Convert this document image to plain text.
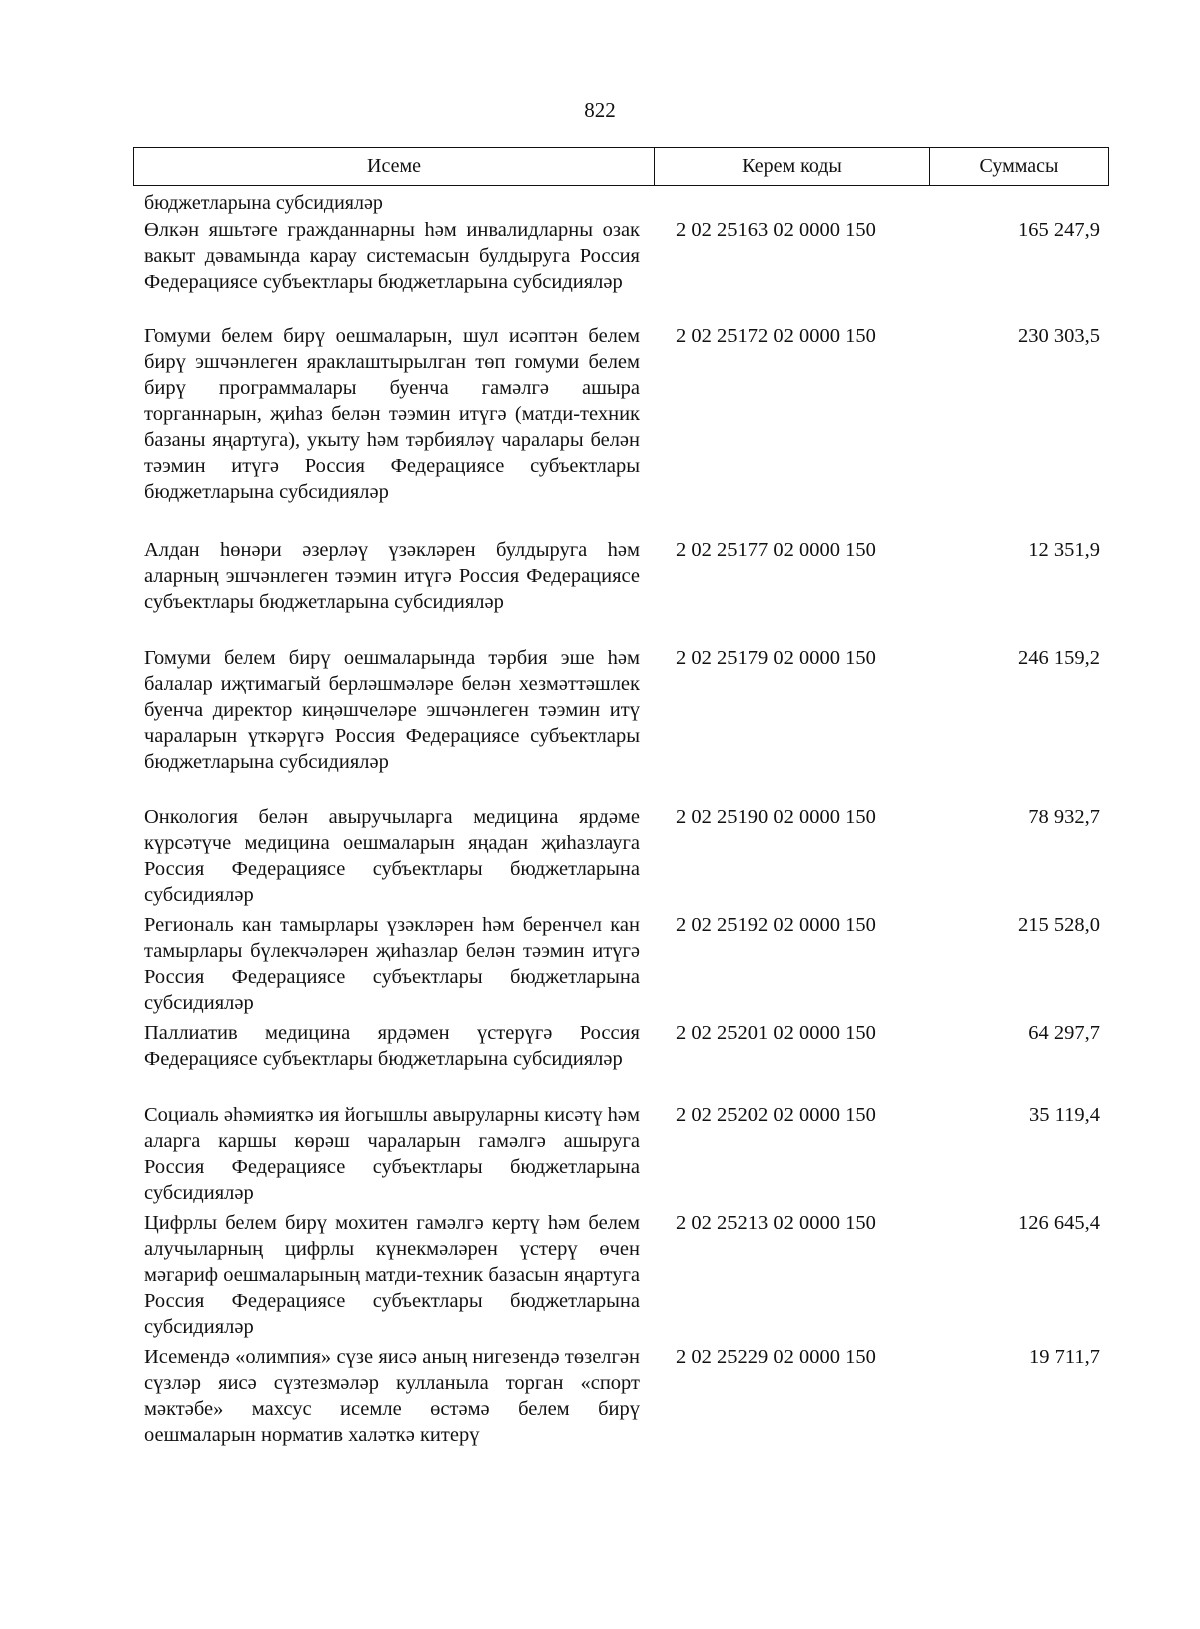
822
Исеме	Керем коды	Суммасы
бюджетларына субсидияләр
Өлкән яшьтәге гражданнарны һәм инвалидларны озак вакыт дәвамында карау системасын булдыруга Россия Федерациясе субъектлары бюджетларына субсидияләр
2 02 25163 02 0000 150	165 247,9
Гомуми белем бирү оешмаларын, шул исәптән белем бирү эшчәнлеген яраклаштырылган төп гомуми белем бирү программалары буенча гамәлгә ашыра торганнарын, җиһаз белән тәэмин итүгә (матди-техник базаны яңартуга), укыту һәм тәрбияләү чаралары белән тәэмин итүгә Россия Федерациясе субъектлары бюджетларына субсидияләр
2 02 25172 02 0000 150	230 303,5
Алдан һөнәри әзерләү үзәкләрен булдыруга һәм аларның эшчәнлеген тәэмин итүгә Россия Федерациясе субъектлары бюджетларына субсидияләр
2 02 25177 02 0000 150	12 351,9
Гомуми белем бирү оешмаларында тәрбия эше һәм балалар иҗтимагый берләшмәләре белән хезмәттәшлек буенча директор киңәшчеләре эшчәнлеген тәэмин итү чараларын үткәрүгә Россия Федерациясе субъектлары бюджетларына субсидияләр
2 02 25179 02 0000 150	246 159,2
Онкология белән авыручыларга медицина ярдәме күрсәтүче медицина оешмаларын яңадан җиһазлауга Россия Федерациясе субъектлары бюджетларына субсидияләр
2 02 25190 02 0000 150	78 932,7
Региональ кан тамырлары үзәкләрен һәм беренчел кан тамырлары бүлекчәләрен җиһазлар белән тәэмин итүгә Россия Федерациясе субъектлары бюджетларына субсидияләр
2 02 25192 02 0000 150	215 528,0
Паллиатив медицина ярдәмен үстерүгә Россия Федерациясе субъектлары бюджетларына субсидияләр
2 02 25201 02 0000 150	64 297,7
Социаль әһәмияткә ия йогышлы авыруларны кисәтү һәм аларга каршы көрәш чараларын гамәлгә ашыруга Россия Федерациясе субъектлары бюджетларына субсидияләр
2 02 25202 02 0000 150	35 119,4
Цифрлы белем бирү мохитен гамәлгә кертү һәм белем алучыларның цифрлы күнекмәләрен үстерү өчен мәгариф оешмаларының матди-техник базасын яңартуга Россия Федерациясе субъектлары бюджетларына субсидияләр
2 02 25213 02 0000 150	126 645,4
Исемендә «олимпия» сүзе яисә аның нигезендә төзелгән сүзләр яисә сүзтезмәләр кулланыла торган «спорт мәктәбе» махсус исемле өстәмә белем бирү оешмаларын норматив халәткә китерү
2 02 25229 02 0000 150	19 711,7
